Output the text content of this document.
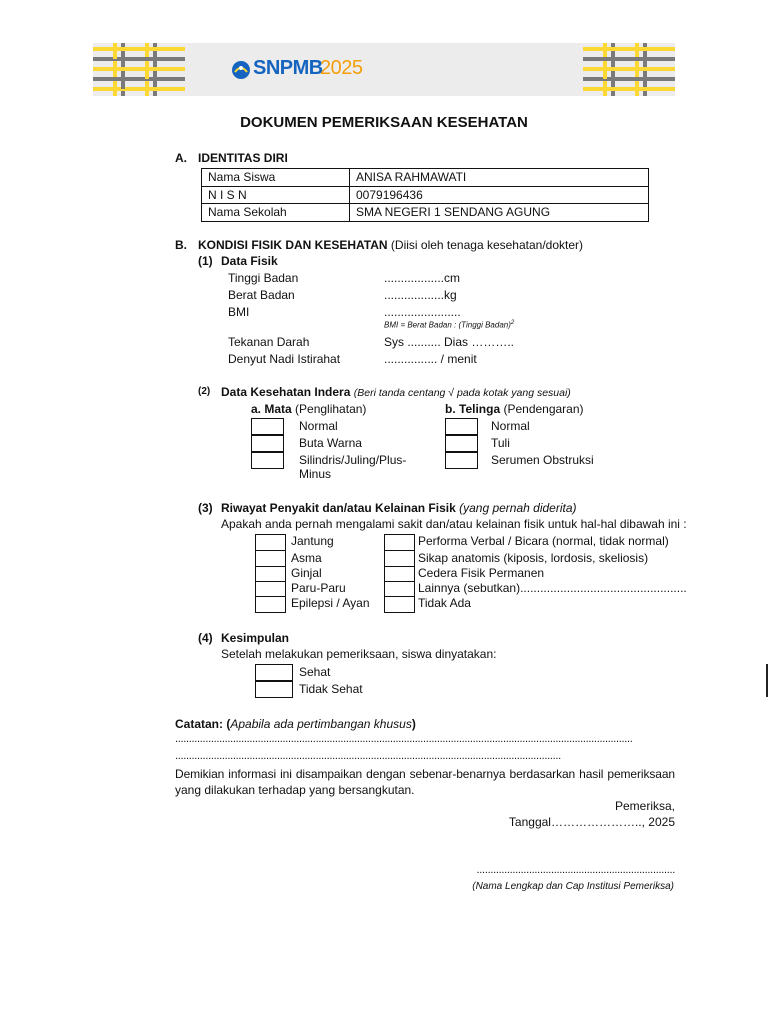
SNPMB
2025
DOKUMEN PEMERIKSAAN KESEHATAN
A. IDENTITAS DIRI
Nama Siswa	ANISA RAHMAWATI
N I S N	0079196436
Nama Sekolah	SMA NEGERI 1 SENDANG AGUNG
B. KONDISI FISIK DAN KESEHATAN (Diisi oleh tenaga kesehatan/dokter)
(1) Data Fisik
Tinggi Badan	..................cm
Berat Badan	..................kg
BMI	.......................
BMI = Berat Badan : (Tinggi Badan)$^2$
Tekanan Darah	Sys .......... Dias ………..
Denyut Nadi Istirahat	................ / menit
(2) Data Kesehatan Indera (Beri tanda centang √ pada kotak yang sesuai)
a. Mata (Penglihatan)
Normal
Buta Warna
Silindris/Juling/Plus-
Minus
b. Telinga (Pendengaran)
Normal
Tuli
Serumen Obstruksi
(3) Riwayat Penyakit dan/atau Kelainan Fisik (yang pernah diderita)
Apakah anda pernah mengalami sakit dan/atau kelainan fisik untuk hal-hal dibawah ini :
Jantung
Asma
Ginjal
Paru-Paru
Epilepsi / Ayan
Performa Verbal / Bicara (normal, tidak normal)
Sikap anatomis (kiposis, lordosis, skeliosis)
Cedera Fisik Permanen
Lainnya (sebutkan)..................................................
Tidak Ada
(4) Kesimpulan
Setelah melakukan pemeriksaan, siswa dinyatakan:
Sehat
Tidak Sehat
Catatan: (Apabila ada pertimbangan khusus)
......................................................................................................................................................................
............................................................................................................................................
Demikian informasi ini disampaikan dengan sebenar-benarnya berdasarkan hasil pemeriksaan
yang dilakukan terhadap yang bersangkutan.
Pemeriksa,
Tanggal………………….., 2025
........................................................................
(Nama Lengkap dan Cap Institusi Pemeriksa)
